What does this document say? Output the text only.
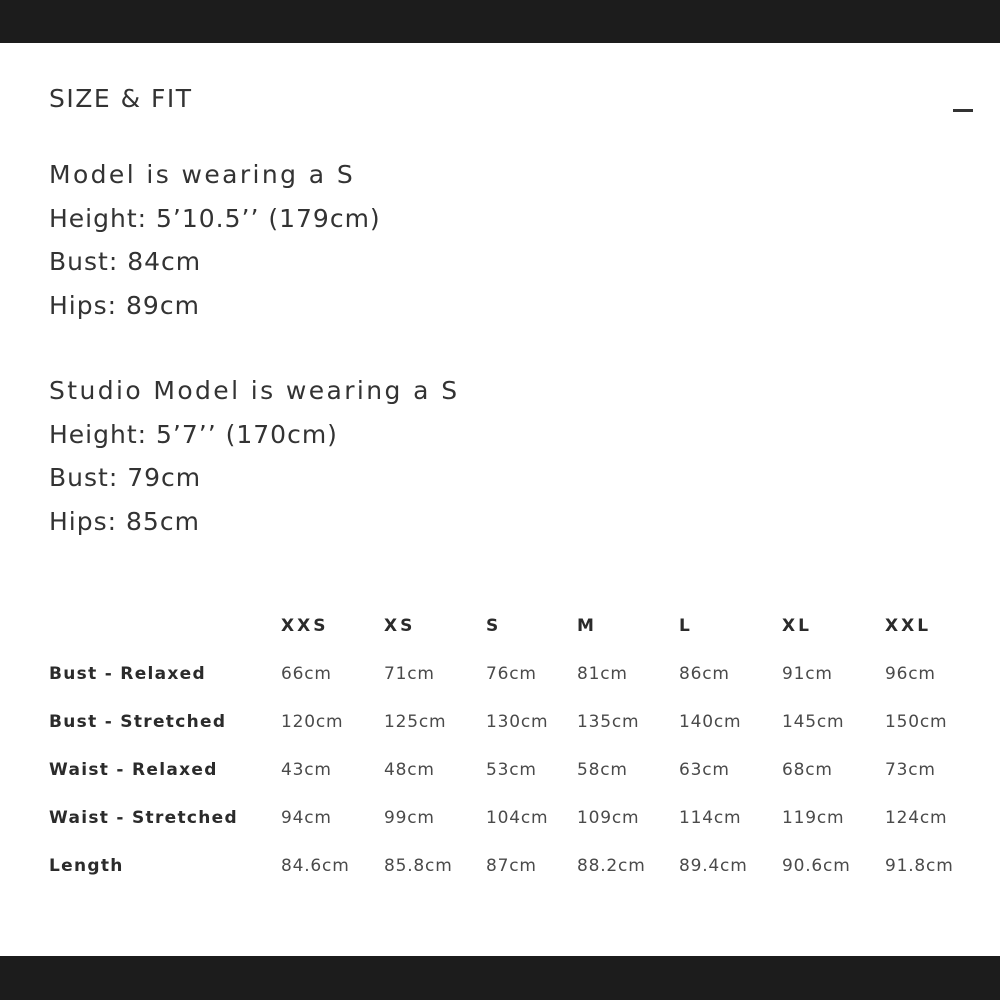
SIZE & FIT
Model is wearing a S
Height: 5’10.5’’ (179cm)
Bust: 84cm
Hips: 89cm
Studio Model is wearing a S
Height: 5’7’’ (170cm)
Bust: 79cm
Hips: 85cm
	XXS	XS	S	M	L	XL	XXL
Bust - Relaxed	66cm	71cm	76cm	81cm	86cm	91cm	96cm
Bust - Stretched	120cm	125cm	130cm	135cm	140cm	145cm	150cm
Waist - Relaxed	43cm	48cm	53cm	58cm	63cm	68cm	73cm
Waist - Stretched	94cm	99cm	104cm	109cm	114cm	119cm	124cm
Length	84.6cm	85.8cm	87cm	88.2cm	89.4cm	90.6cm	91.8cm
